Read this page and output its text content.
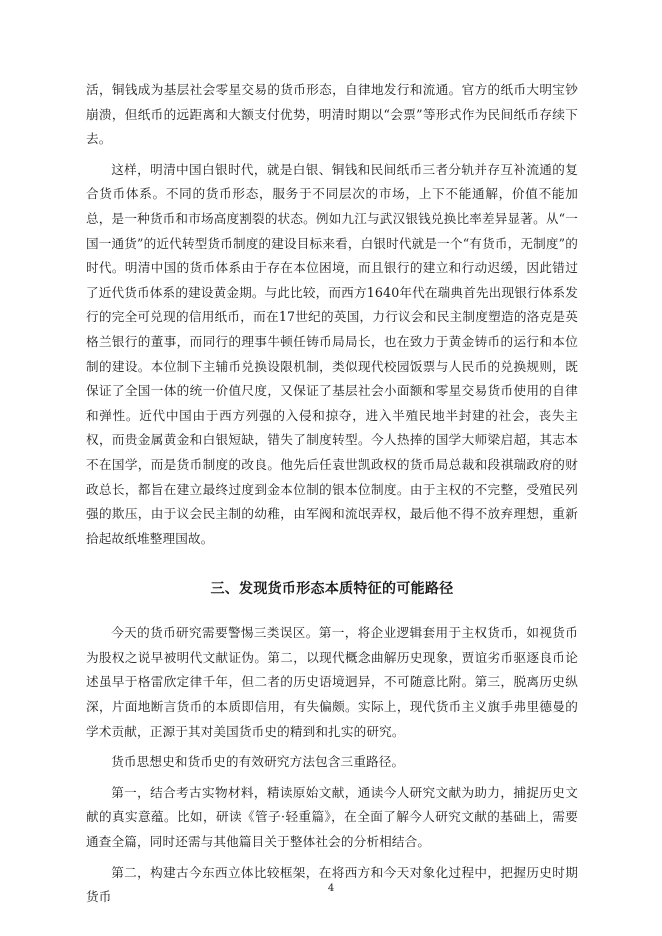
活，铜钱成为基层社会零星交易的货币形态，自律地发行和流通。官方的纸币大明宝钞崩溃，但纸币的远距离和大额支付优势，明清时期以“会票”等形式作为民间纸币存续下去。

这样，明清中国白银时代，就是白银、铜钱和民间纸币三者分轨并存互补流通的复合货币体系。不同的货币形态，服务于不同层次的市场，上下不能通解，价值不能加总，是一种货币和市场高度割裂的状态。例如九江与武汉银钱兑换比率差异显著。从“一国一通货”的近代转型货币制度的建设目标来看，白银时代就是一个“有货币，无制度”的时代。明清中国的货币体系由于存在本位困境，而且银行的建立和行动迟缓，因此错过了近代货币体系的建设黄金期。与此比较，而西方1640年代在瑞典首先出现银行体系发行的完全可兑现的信用纸币，而在17世纪的英国，力行议会和民主制度塑造的洛克是英格兰银行的董事，而同行的理事牛顿任铸币局局长，也在致力于黄金铸币的运行和本位制的建设。本位制下主辅币兑换设限机制，类似现代校园饭票与人民币的兑换规则，既保证了全国一体的统一价值尺度，又保证了基层社会小面额和零星交易货币使用的自律和弹性。近代中国由于西方列强的入侵和掠夺，进入半殖民地半封建的社会，丧失主权，而贵金属黄金和白银短缺，错失了制度转型。今人热捧的国学大师梁启超，其志本不在国学，而是货币制度的改良。他先后任袁世凯政权的货币局总裁和段祺瑞政府的财政总长，都旨在建立最终过度到金本位制的银本位制度。由于主权的不完整，受殖民列强的欺压，由于议会民主制的幼稚，由军阀和流氓弄权，最后他不得不放弃理想，重新拾起故纸堆整理国故。

三、发现货币形态本质特征的可能路径

今天的货币研究需要警惕三类误区。第一，将企业逻辑套用于主权货币，如视货币为股权之说早被明代文献证伪。第二，以现代概念曲解历史现象，贾谊劣币驱逐良币论述虽早于格雷欣定律千年，但二者的历史语境迥异，不可随意比附。第三，脱离历史纵深，片面地断言货币的本质即信用，有失偏颇。实际上，现代货币主义旗手弗里德曼的学术贡献，正源于其对美国货币史的精到和扎实的研究。

货币思想史和货币史的有效研究方法包含三重路径。

第一，结合考古实物材料，精读原始文献，通读今人研究文献为助力，捕捉历史文献的真实意蕴。比如，研读《管子·轻重篇》，在全面了解今人研究文献的基础上，需要通查全篇，同时还需与其他篇目关于整体社会的分析相结合。

第二，构建古今东西立体比较框架，在将西方和今天对象化过程中，把握历史时期货币

4
